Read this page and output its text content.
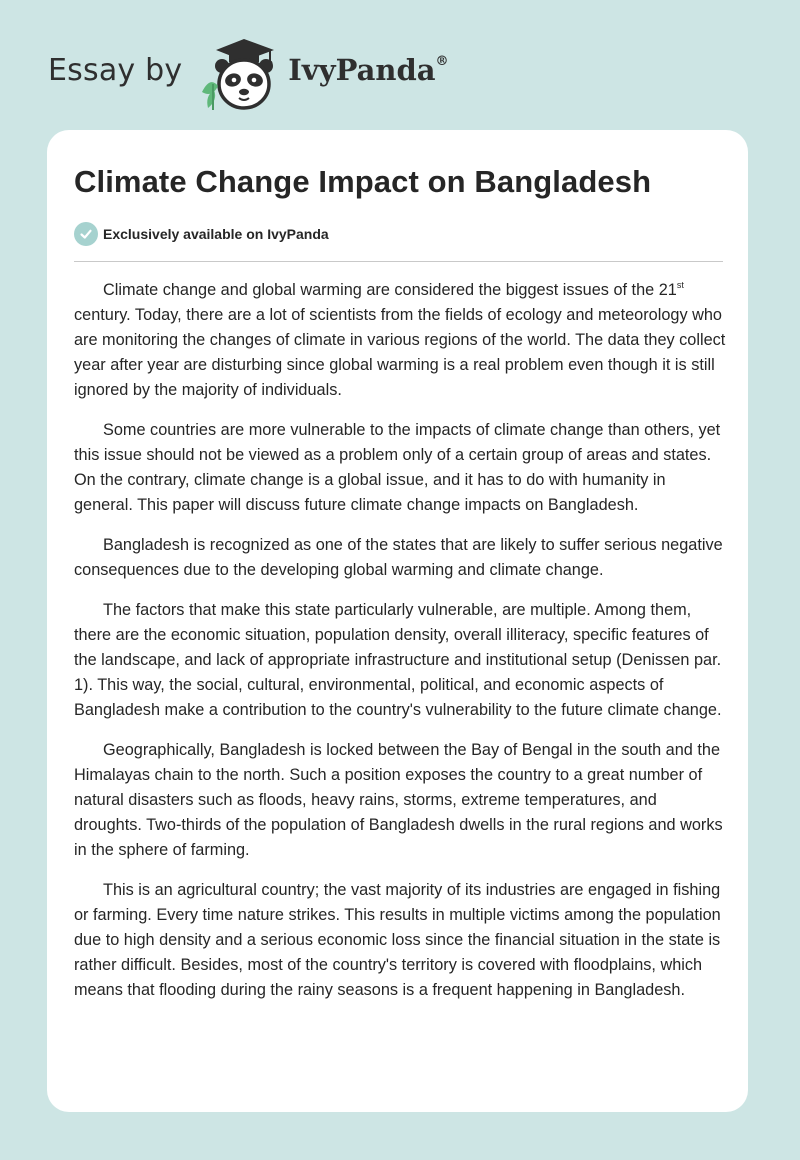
Essay by	IvyPanda®
Climate Change Impact on Bangladesh
Exclusively available on IvyPanda

Climate change and global warming are considered the biggest issues of the 21st century. Today, there are a lot of scientists from the fields of ecology and meteorology who are monitoring the changes of climate in various regions of the world. The data they collect year after year are disturbing since global warming is a real problem even though it is still ignored by the majority of individuals.

Some countries are more vulnerable to the impacts of climate change than others, yet this issue should not be viewed as a problem only of a certain group of areas and states. On the contrary, climate change is a global issue, and it has to do with humanity in general. This paper will discuss future climate change impacts on Bangladesh.

Bangladesh is recognized as one of the states that are likely to suffer serious negative consequences due to the developing global warming and climate change.

The factors that make this state particularly vulnerable, are multiple. Among them, there are the economic situation, population density, overall illiteracy, specific features of the landscape, and lack of appropriate infrastructure and institutional setup (Denissen par. 1). This way, the social, cultural, environmental, political, and economic aspects of Bangladesh make a contribution to the country's vulnerability to the future climate change.

Geographically, Bangladesh is locked between the Bay of Bengal in the south and the Himalayas chain to the north. Such a position exposes the country to a great number of natural disasters such as floods, heavy rains, storms, extreme temperatures, and droughts. Two-thirds of the population of Bangladesh dwells in the rural regions and works in the sphere of farming.

This is an agricultural country; the vast majority of its industries are engaged in fishing or farming. Every time nature strikes. This results in multiple victims among the population due to high density and a serious economic loss since the financial situation in the state is rather difficult. Besides, most of the country's territory is covered with floodplains, which means that flooding during the rainy seasons is a frequent happening in Bangladesh.
